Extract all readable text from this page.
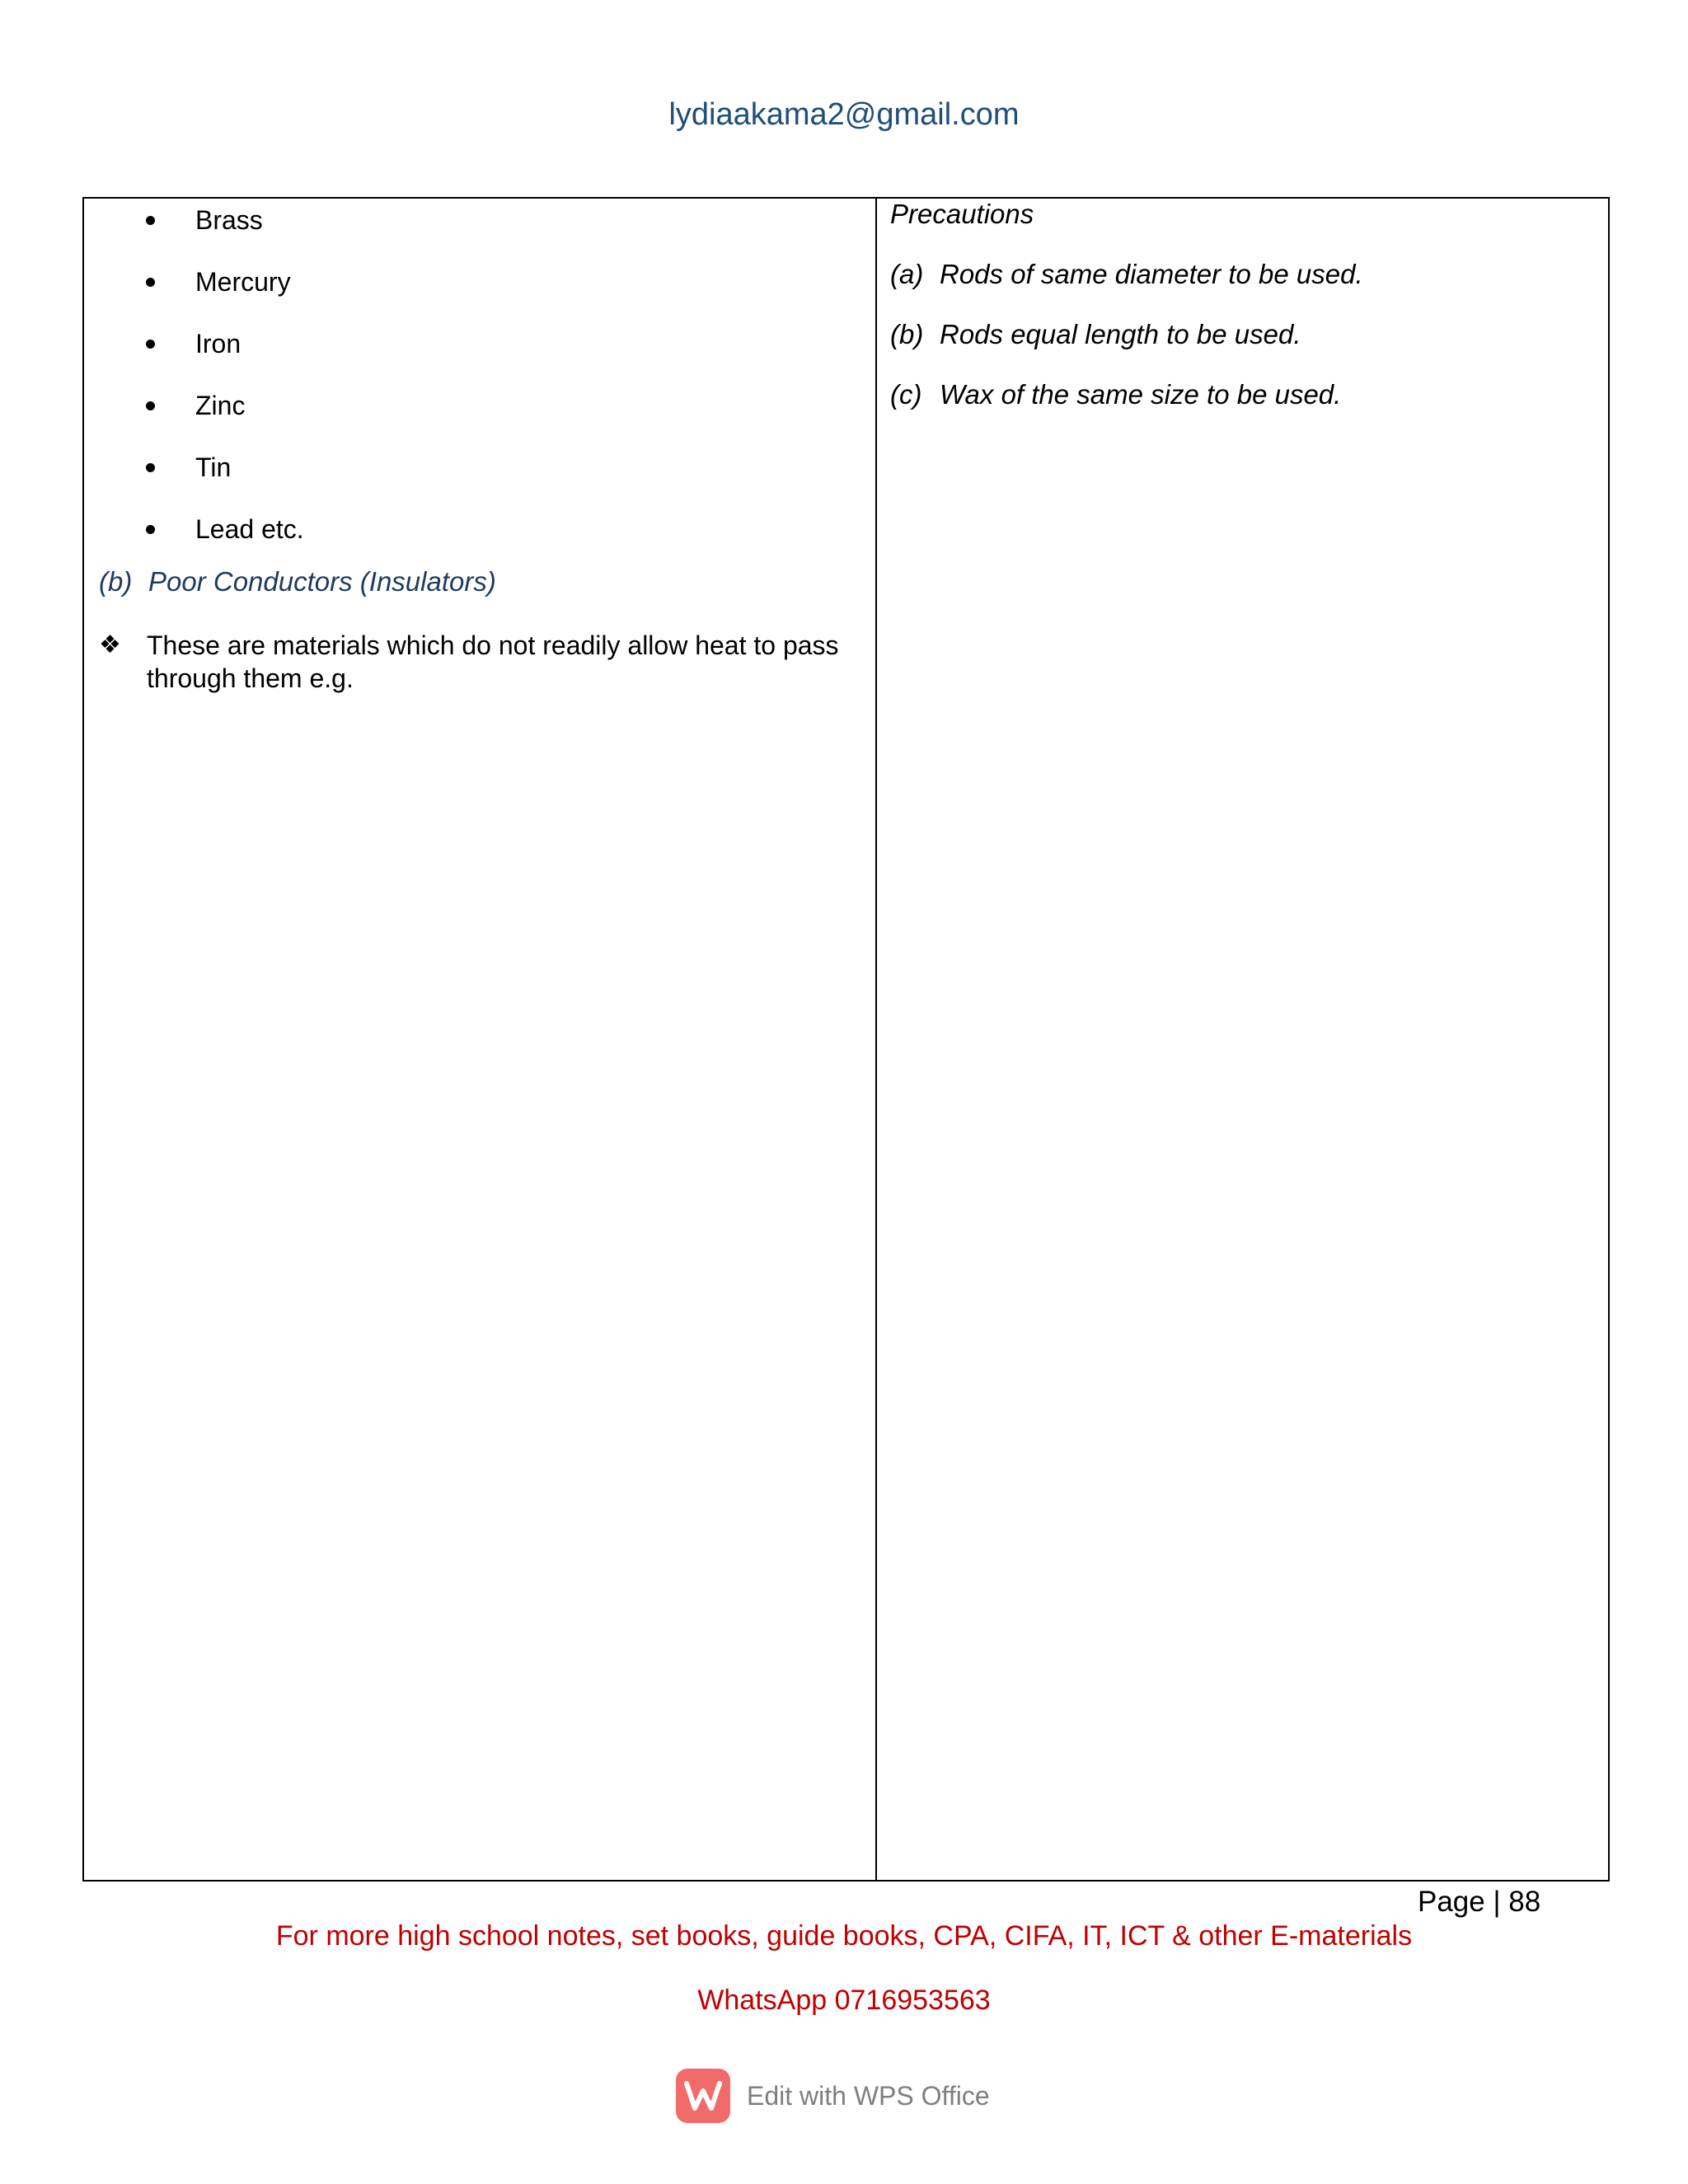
lydiaakama2@gmail.com
Brass
Mercury
Iron
Zinc
Tin
Lead etc.
(b) Poor Conductors (Insulators)
❖ These are materials which do not readily allow heat to pass through them e.g.
Precautions
(a) Rods of same diameter to be used.
(b) Rods equal length to be used.
(c) Wax of the same size to be used.
Page | 88
For more high school notes, set books, guide books, CPA, CIFA, IT, ICT & other E-materials
WhatsApp 0716953563
Edit with WPS Office
